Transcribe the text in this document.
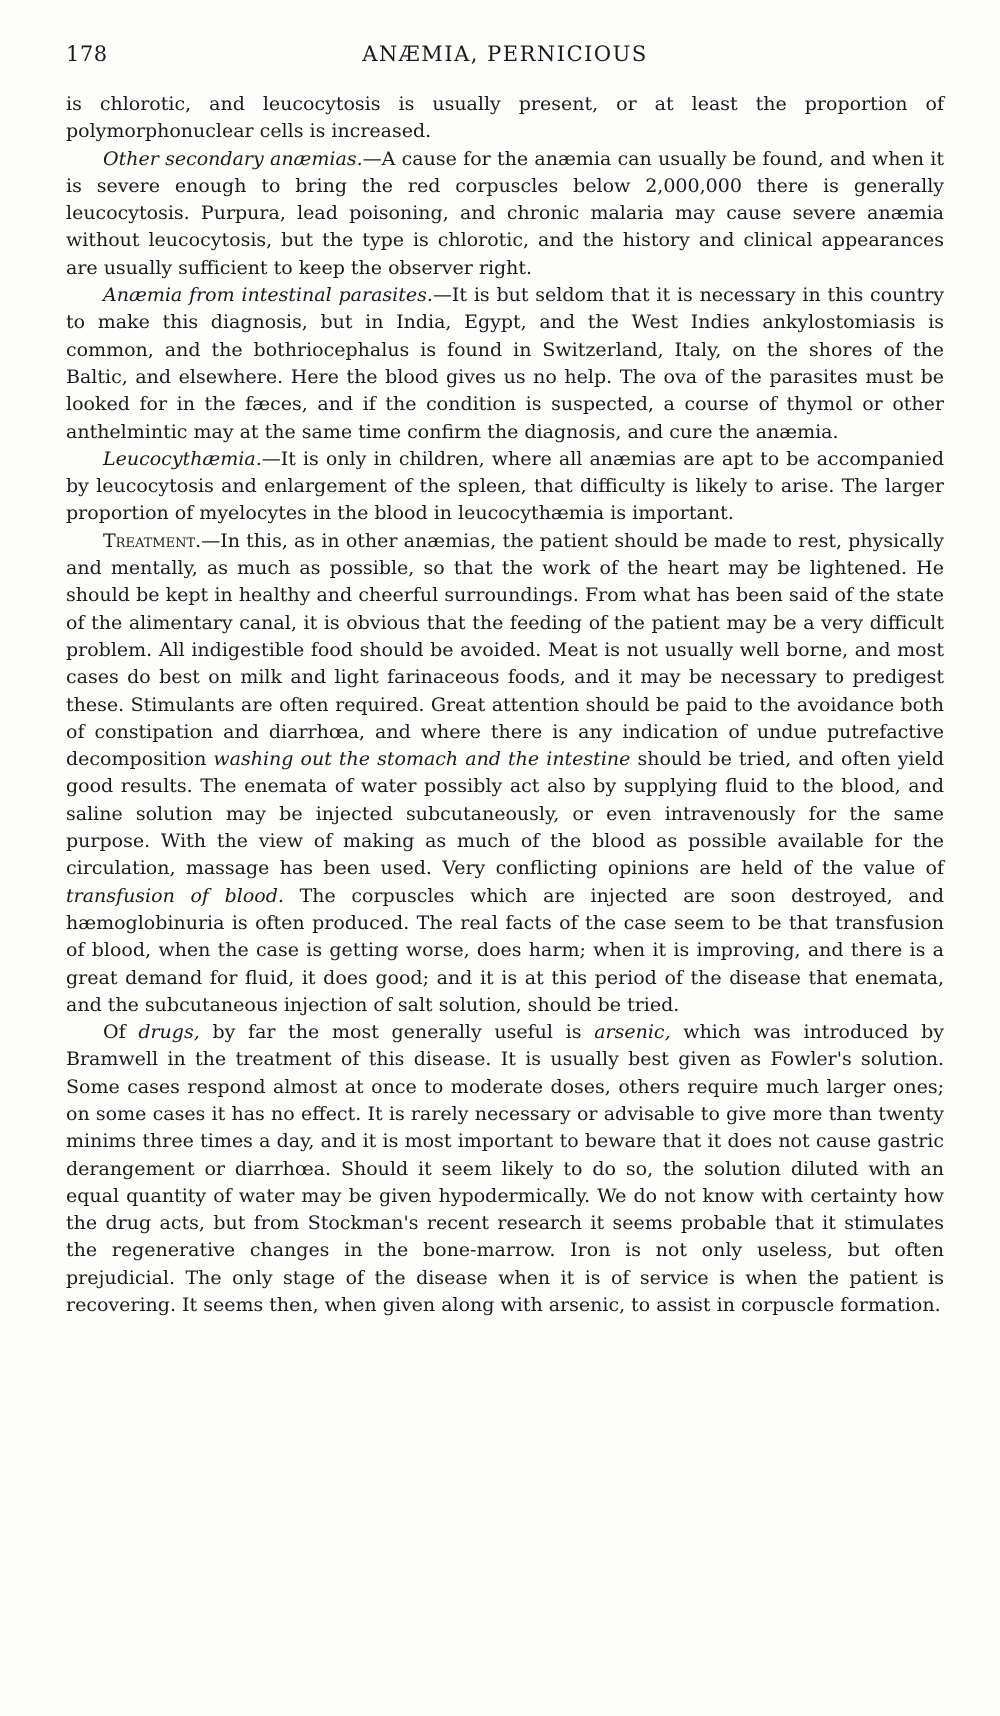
178	ANÆMIA, PERNICIOUS

is chlorotic, and leucocytosis is usually present, or at least the proportion of polymorphonuclear cells is increased.

Other secondary anæmias.—A cause for the anæmia can usually be found, and when it is severe enough to bring the red corpuscles below 2,000,000 there is generally leucocytosis. Purpura, lead poisoning, and chronic malaria may cause severe anæmia without leucocytosis, but the type is chlorotic, and the history and clinical appearances are usually sufficient to keep the observer right.

Anæmia from intestinal parasites.—It is but seldom that it is necessary in this country to make this diagnosis, but in India, Egypt, and the West Indies ankylostomiasis is common, and the bothriocephalus is found in Switzerland, Italy, on the shores of the Baltic, and elsewhere. Here the blood gives us no help. The ova of the parasites must be looked for in the fæces, and if the condition is suspected, a course of thymol or other anthelmintic may at the same time confirm the diagnosis, and cure the anæmia.

Leucocythæmia.—It is only in children, where all anæmias are apt to be accompanied by leucocytosis and enlargement of the spleen, that difficulty is likely to arise. The larger proportion of myelocytes in the blood in leucocythæmia is important.

Treatment.—In this, as in other anæmias, the patient should be made to rest, physically and mentally, as much as possible, so that the work of the heart may be lightened. He should be kept in healthy and cheerful surroundings. From what has been said of the state of the alimentary canal, it is obvious that the feeding of the patient may be a very difficult problem. All indigestible food should be avoided. Meat is not usually well borne, and most cases do best on milk and light farinaceous foods, and it may be necessary to predigest these. Stimulants are often required. Great attention should be paid to the avoidance both of constipation and diarrhœa, and where there is any indication of undue putrefactive decomposition washing out the stomach and the intestine should be tried, and often yield good results. The enemata of water possibly act also by supplying fluid to the blood, and saline solution may be injected subcutaneously, or even intravenously for the same purpose. With the view of making as much of the blood as possible available for the circulation, massage has been used. Very conflicting opinions are held of the value of transfusion of blood. The corpuscles which are injected are soon destroyed, and hæmoglobinuria is often produced. The real facts of the case seem to be that transfusion of blood, when the case is getting worse, does harm; when it is improving, and there is a great demand for fluid, it does good; and it is at this period of the disease that enemata, and the subcutaneous injection of salt solution, should be tried.

Of drugs, by far the most generally useful is arsenic, which was introduced by Bramwell in the treatment of this disease. It is usually best given as Fowler's solution. Some cases respond almost at once to moderate doses, others require much larger ones; on some cases it has no effect. It is rarely necessary or advisable to give more than twenty minims three times a day, and it is most important to beware that it does not cause gastric derangement or diarrhœa. Should it seem likely to do so, the solution diluted with an equal quantity of water may be given hypodermically. We do not know with certainty how the drug acts, but from Stockman's recent research it seems probable that it stimulates the regenerative changes in the bone-marrow. Iron is not only useless, but often prejudicial. The only stage of the disease when it is of service is when the patient is recovering. It seems then, when given along with arsenic, to assist in corpuscle formation.
